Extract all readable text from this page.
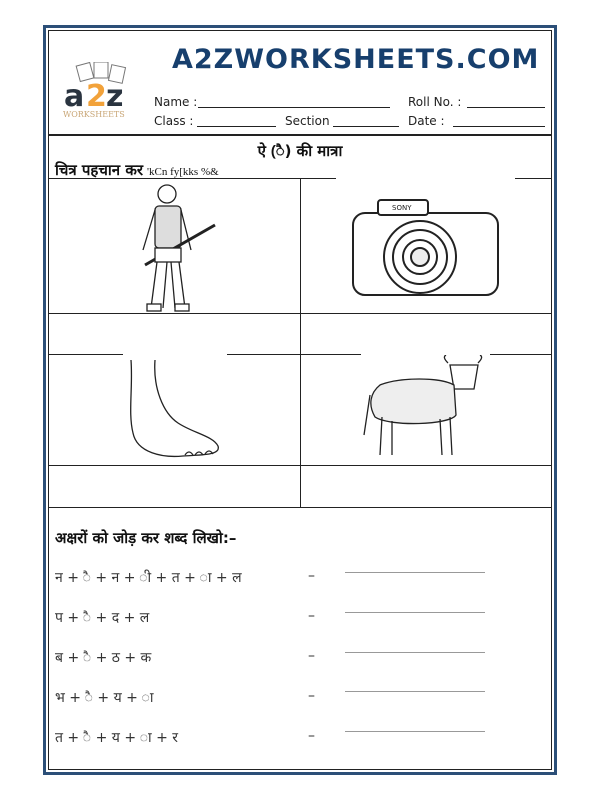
a 2 z
WORKSHEETS
A2ZWORKSHEETS.COM
Name :	Roll No. :
Class :	Section	Date :
ऐ (ै) की मात्रा
चित्र पहचान कर 'kCn fy[kks %&
SONY
अक्षरों को जोड़ कर शब्द लिखो:–
न + ै + न + ी + त + ा + ल
प + ै + द + ल
ब + ै + ठ + क
भ + ै + य + ा
त + ै + य + ा + र
–
–
–
–
–
